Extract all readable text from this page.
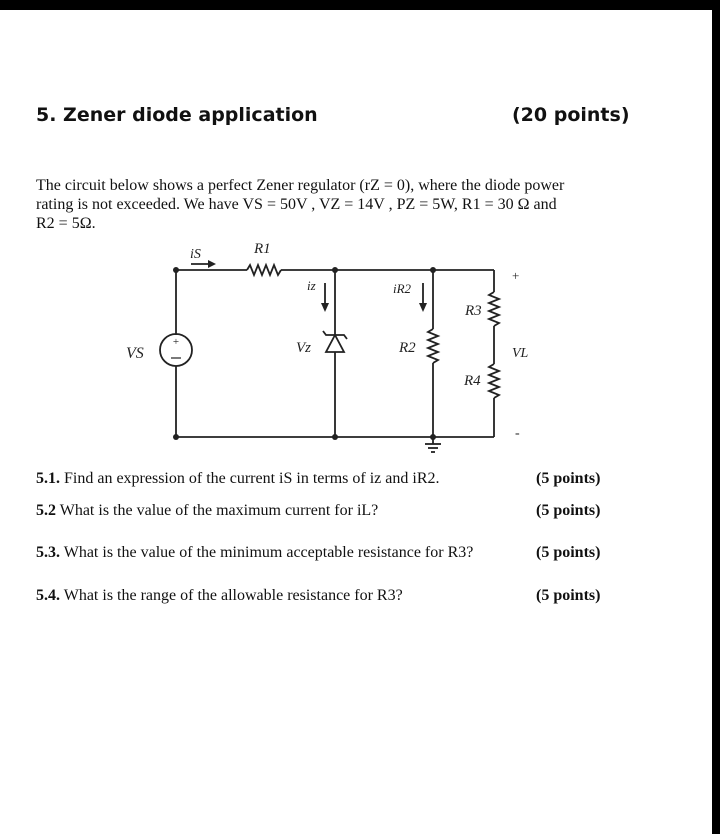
5. Zener diode application	(20 points)

The circuit below shows a perfect Zener regulator (rZ = 0), where the diode power

rating is not exceeded. We have VS = 50V , VZ = 14V , PZ = 5W, R1 = 30 Ω and

R2 = 5Ω.

+
iS	R1
iz	iR2
R3
+
-
VS	Vz	R2	VL
R4
5.1. Find an expression of the current iS in terms of iz and iR2.	(5 points)
5.2 What is the value of the maximum current for iL?	(5 points)
5.3. What is the value of the minimum acceptable resistance for R3?	(5 points)
5.4. What is the range of the allowable resistance for R3?	(5 points)
